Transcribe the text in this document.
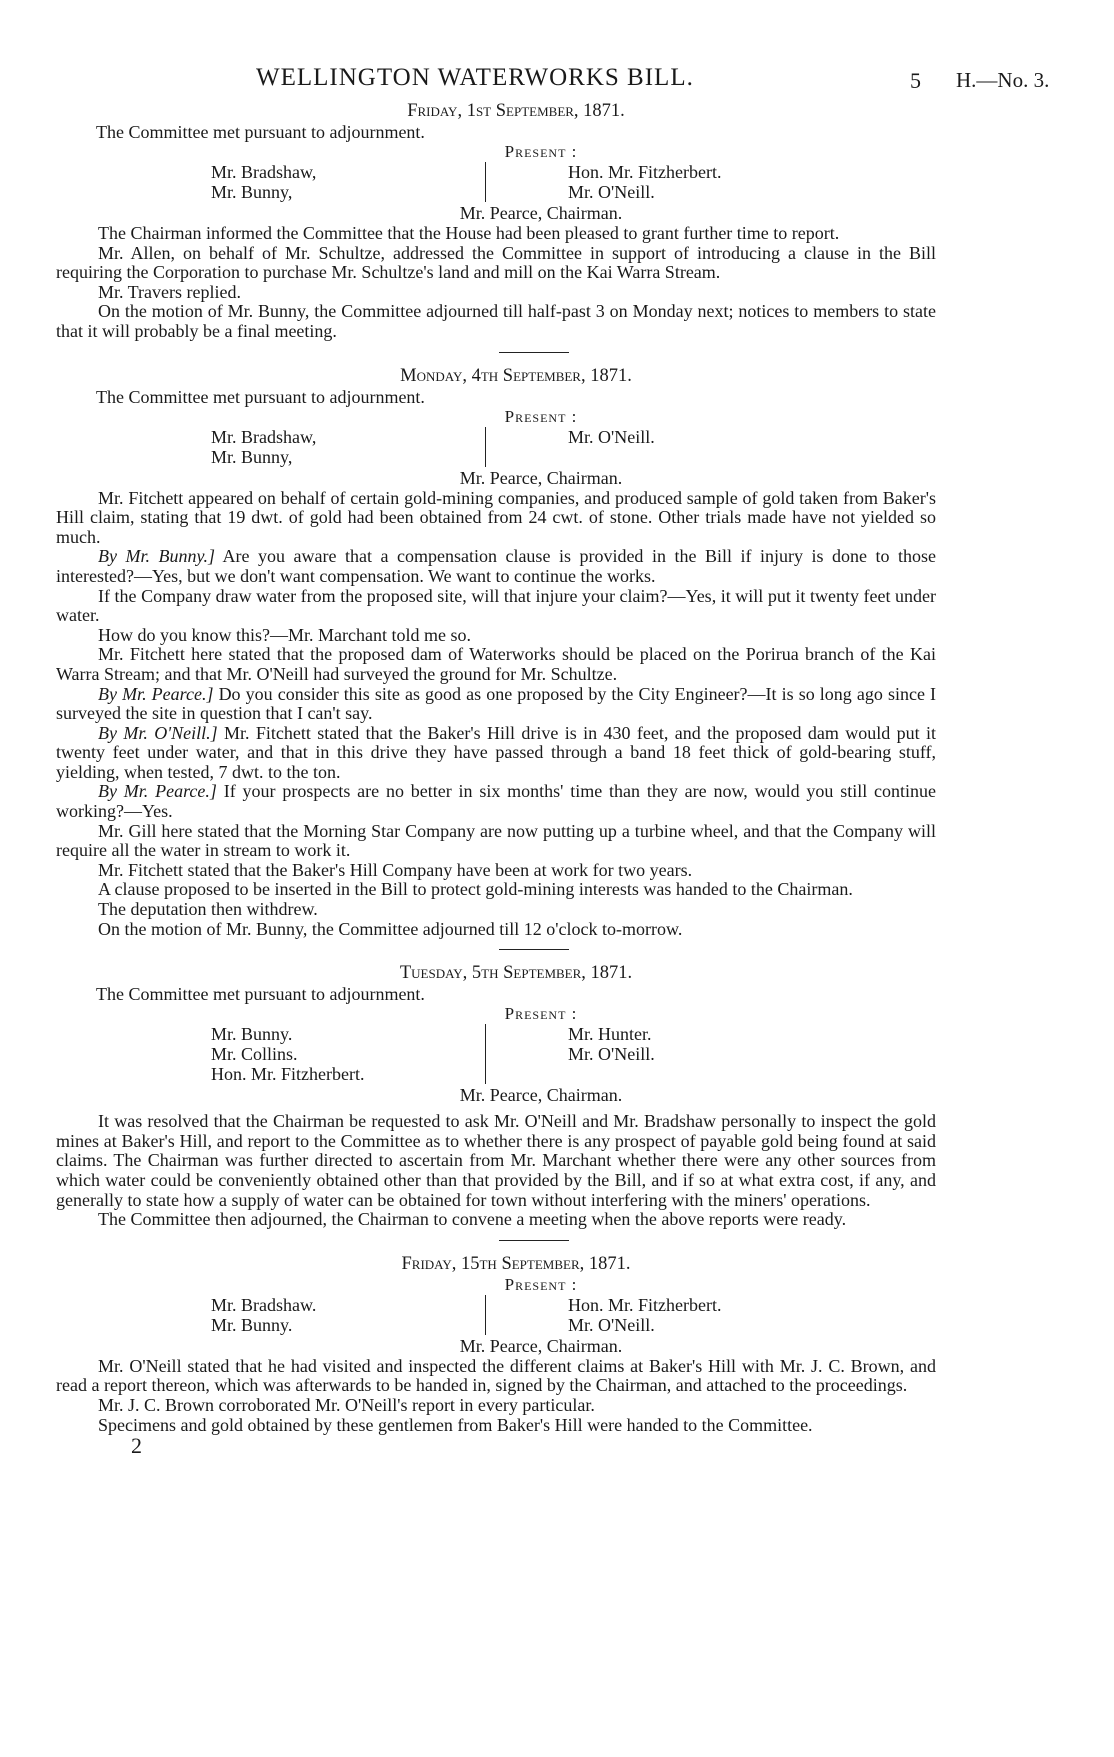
WELLINGTON WATERWORKS BILL.	5 H.—No. 3.
Friday, 1st September, 1871.
The Committee met pursuant to adjournment.
Present :
Mr. Bradshaw,
Mr. Bunny,
Hon. Mr. Fitzherbert.
Mr. O'Neill.
Mr. Pearce, Chairman.

The Chairman informed the Committee that the House had been pleased to grant further time to report.

Mr. Allen, on behalf of Mr. Schultze, addressed the Committee in support of introducing a clause in the Bill requiring the Corporation to purchase Mr. Schultze's land and mill on the Kai Warra Stream.

Mr. Travers replied.

On the motion of Mr. Bunny, the Committee adjourned till half-past 3 on Monday next; notices to members to state that it will probably be a final meeting.

Monday, 4th September, 1871.
The Committee met pursuant to adjournment.
Present :
Mr. Bradshaw,
Mr. Bunny,
Mr. O'Neill.
Mr. Pearce, Chairman.

Mr. Fitchett appeared on behalf of certain gold-mining companies, and produced sample of gold taken from Baker's Hill claim, stating that 19 dwt. of gold had been obtained from 24 cwt. of stone. Other trials made have not yielded so much.

By Mr. Bunny.] Are you aware that a compensation clause is provided in the Bill if injury is done to those interested?—Yes, but we don't want compensation. We want to continue the works.

If the Company draw water from the proposed site, will that injure your claim?—Yes, it will put it twenty feet under water.

How do you know this?—Mr. Marchant told me so.

Mr. Fitchett here stated that the proposed dam of Waterworks should be placed on the Porirua branch of the Kai Warra Stream; and that Mr. O'Neill had surveyed the ground for Mr. Schultze.

By Mr. Pearce.] Do you consider this site as good as one proposed by the City Engineer?—It is so long ago since I surveyed the site in question that I can't say.

By Mr. O'Neill.] Mr. Fitchett stated that the Baker's Hill drive is in 430 feet, and the proposed dam would put it twenty feet under water, and that in this drive they have passed through a band 18 feet thick of gold-bearing stuff, yielding, when tested, 7 dwt. to the ton.

By Mr. Pearce.] If your prospects are no better in six months' time than they are now, would you still continue working?—Yes.

Mr. Gill here stated that the Morning Star Company are now putting up a turbine wheel, and that the Company will require all the water in stream to work it.

Mr. Fitchett stated that the Baker's Hill Company have been at work for two years.

A clause proposed to be inserted in the Bill to protect gold-mining interests was handed to the Chairman.

The deputation then withdrew.

On the motion of Mr. Bunny, the Committee adjourned till 12 o'clock to-morrow.

Tuesday, 5th September, 1871.
The Committee met pursuant to adjournment.
Present :
Mr. Bunny.
Mr. Collins.
Hon. Mr. Fitzherbert.
Mr. Hunter.
Mr. O'Neill.
Mr. Pearce, Chairman.

It was resolved that the Chairman be requested to ask Mr. O'Neill and Mr. Bradshaw personally to inspect the gold mines at Baker's Hill, and report to the Committee as to whether there is any prospect of payable gold being found at said claims. The Chairman was further directed to ascertain from Mr. Marchant whether there were any other sources from which water could be conveniently obtained other than that provided by the Bill, and if so at what extra cost, if any, and generally to state how a supply of water can be obtained for town without interfering with the miners' operations.

The Committee then adjourned, the Chairman to convene a meeting when the above reports were ready.

Friday, 15th September, 1871.
Present :
Mr. Bradshaw.
Mr. Bunny.
Hon. Mr. Fitzherbert.
Mr. O'Neill.
Mr. Pearce, Chairman.

Mr. O'Neill stated that he had visited and inspected the different claims at Baker's Hill with Mr. J. C. Brown, and read a report thereon, which was afterwards to be handed in, signed by the Chairman, and attached to the proceedings.

Mr. J. C. Brown corroborated Mr. O'Neill's report in every particular.

Specimens and gold obtained by these gentlemen from Baker's Hill were handed to the Committee.

2
